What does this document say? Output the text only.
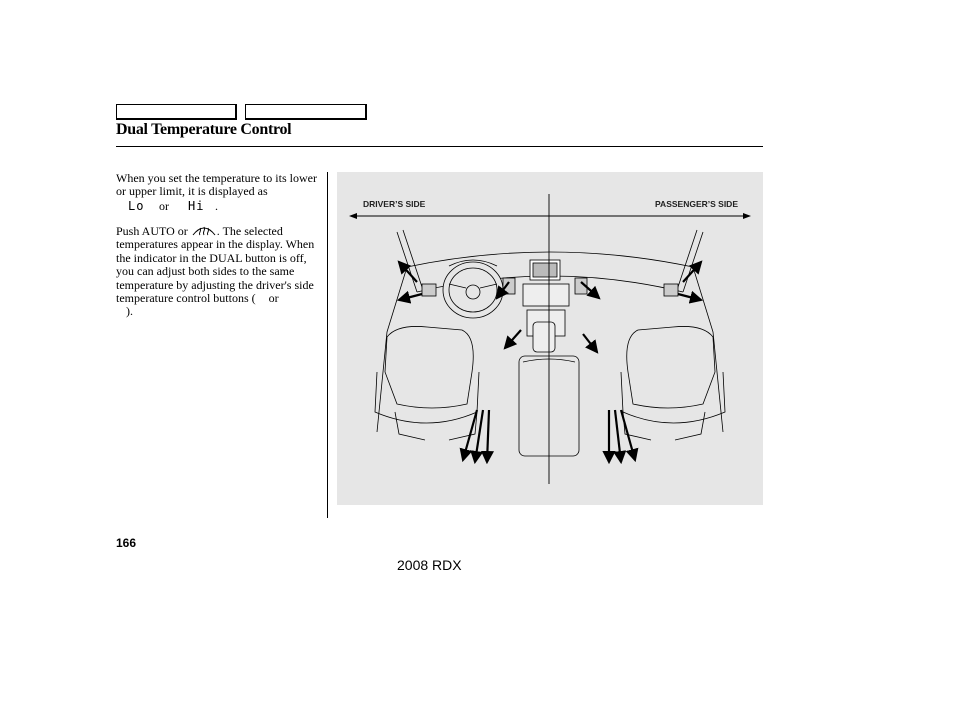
Dual Temperature Control
When you set the temperature to its lower or upper limit, it is displayed as
Lo or Hi .
Push AUTO or . The selected temperatures appear in the display. When the indicator in the DUAL button is off, you can adjust both sides to the same temperature by adjusting the driver's side temperature control buttons ( or
).
DRIVER’S SIDE	PASSENGER’S SIDE
166
2008 RDX
